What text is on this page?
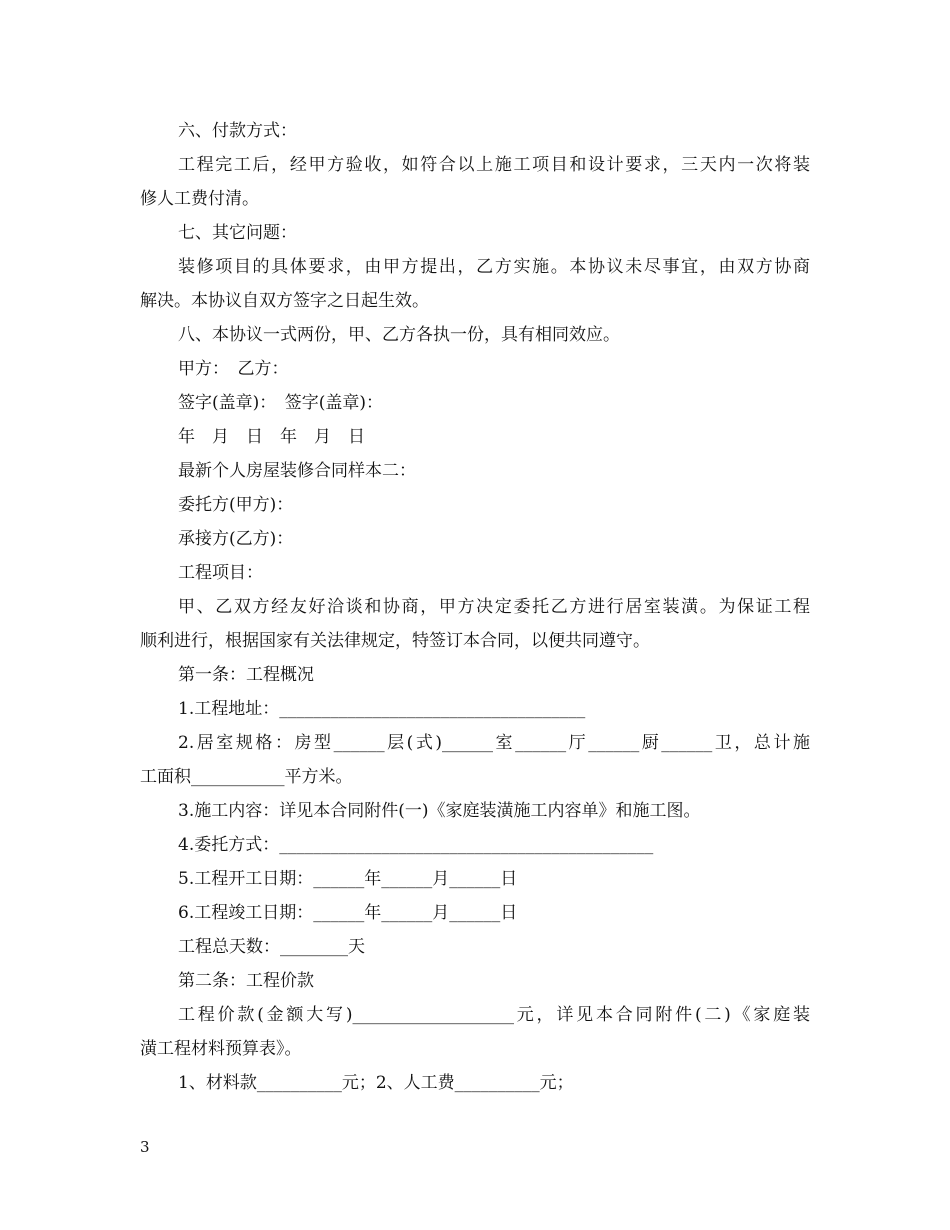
六、付款方式：
工程完工后，经甲方验收，如符合以上施工项目和设计要求，三天内一次将装
修人工费付清。
七、其它问题：
装修项目的具体要求，由甲方提出，乙方实施。本协议未尽事宜，由双方协商
解决。本协议自双方签字之日起生效。
八、本协议一式两份，甲、乙方各执一份，具有相同效应。
甲方：　乙方：
签字(盖章)：　签字(盖章)：
年　月　日　年　月　日
最新个人房屋装修合同样本二：
委托方(甲方)：
承接方(乙方)：
工程项目：
甲、乙双方经友好洽谈和协商，甲方决定委托乙方进行居室装潢。为保证工程
顺利进行，根据国家有关法律规定，特签订本合同，以便共同遵守。
第一条：工程概况
1.工程地址：____________________________________
2.居室规格：房型______层(式)______室______厅______厨______卫，总计施
工面积___________平方米。
3.施工内容：详见本合同附件(一)《家庭装潢施工内容单》和施工图。
4.委托方式：____________________________________________
5.工程开工日期：______年______月______日
6.工程竣工日期：______年______月______日
工程总天数：________天
第二条：工程价款
工程价款(金额大写)___________________元，详见本合同附件(二)《家庭装
潢工程材料预算表》。
1、材料款__________元；2、人工费__________元；
3
